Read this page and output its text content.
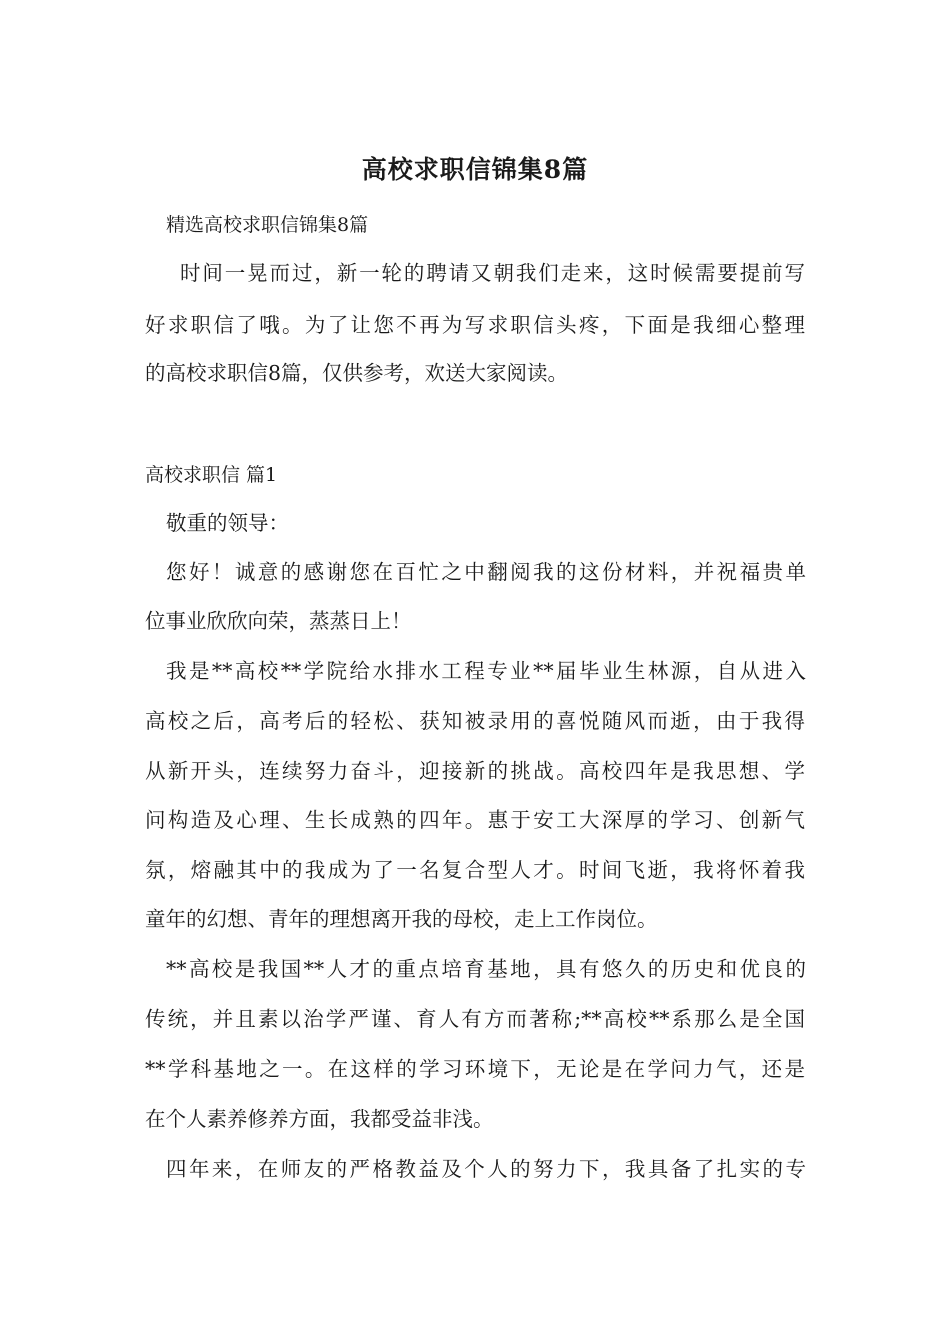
高校求职信锦集8篇
精选高校求职信锦集8篇
时间一晃而过，新一轮的聘请又朝我们走来，这时候需要提前写
好求职信了哦。为了让您不再为写求职信头疼，下面是我细心整理
的高校求职信8篇，仅供参考，欢送大家阅读。
高校求职信 篇1
敬重的领导：
您好！诚意的感谢您在百忙之中翻阅我的这份材料，并祝福贵单
位事业欣欣向荣，蒸蒸日上！
我是**高校**学院给水排水工程专业**届毕业生林源，自从进入
高校之后，高考后的轻松、获知被录用的喜悦随风而逝，由于我得
从新开头，连续努力奋斗，迎接新的挑战。高校四年是我思想、学
问构造及心理、生长成熟的四年。惠于安工大深厚的学习、创新气
氛，熔融其中的我成为了一名复合型人才。时间飞逝，我将怀着我
童年的幻想、青年的理想离开我的母校，走上工作岗位。
**高校是我国**人才的重点培育基地，具有悠久的历史和优良的
传统，并且素以治学严谨、育人有方而著称;**高校**系那么是全国
**学科基地之一。在这样的学习环境下，无论是在学问力气，还是
在个人素养修养方面，我都受益非浅。
四年来，在师友的严格教益及个人的努力下，我具备了扎实的专
